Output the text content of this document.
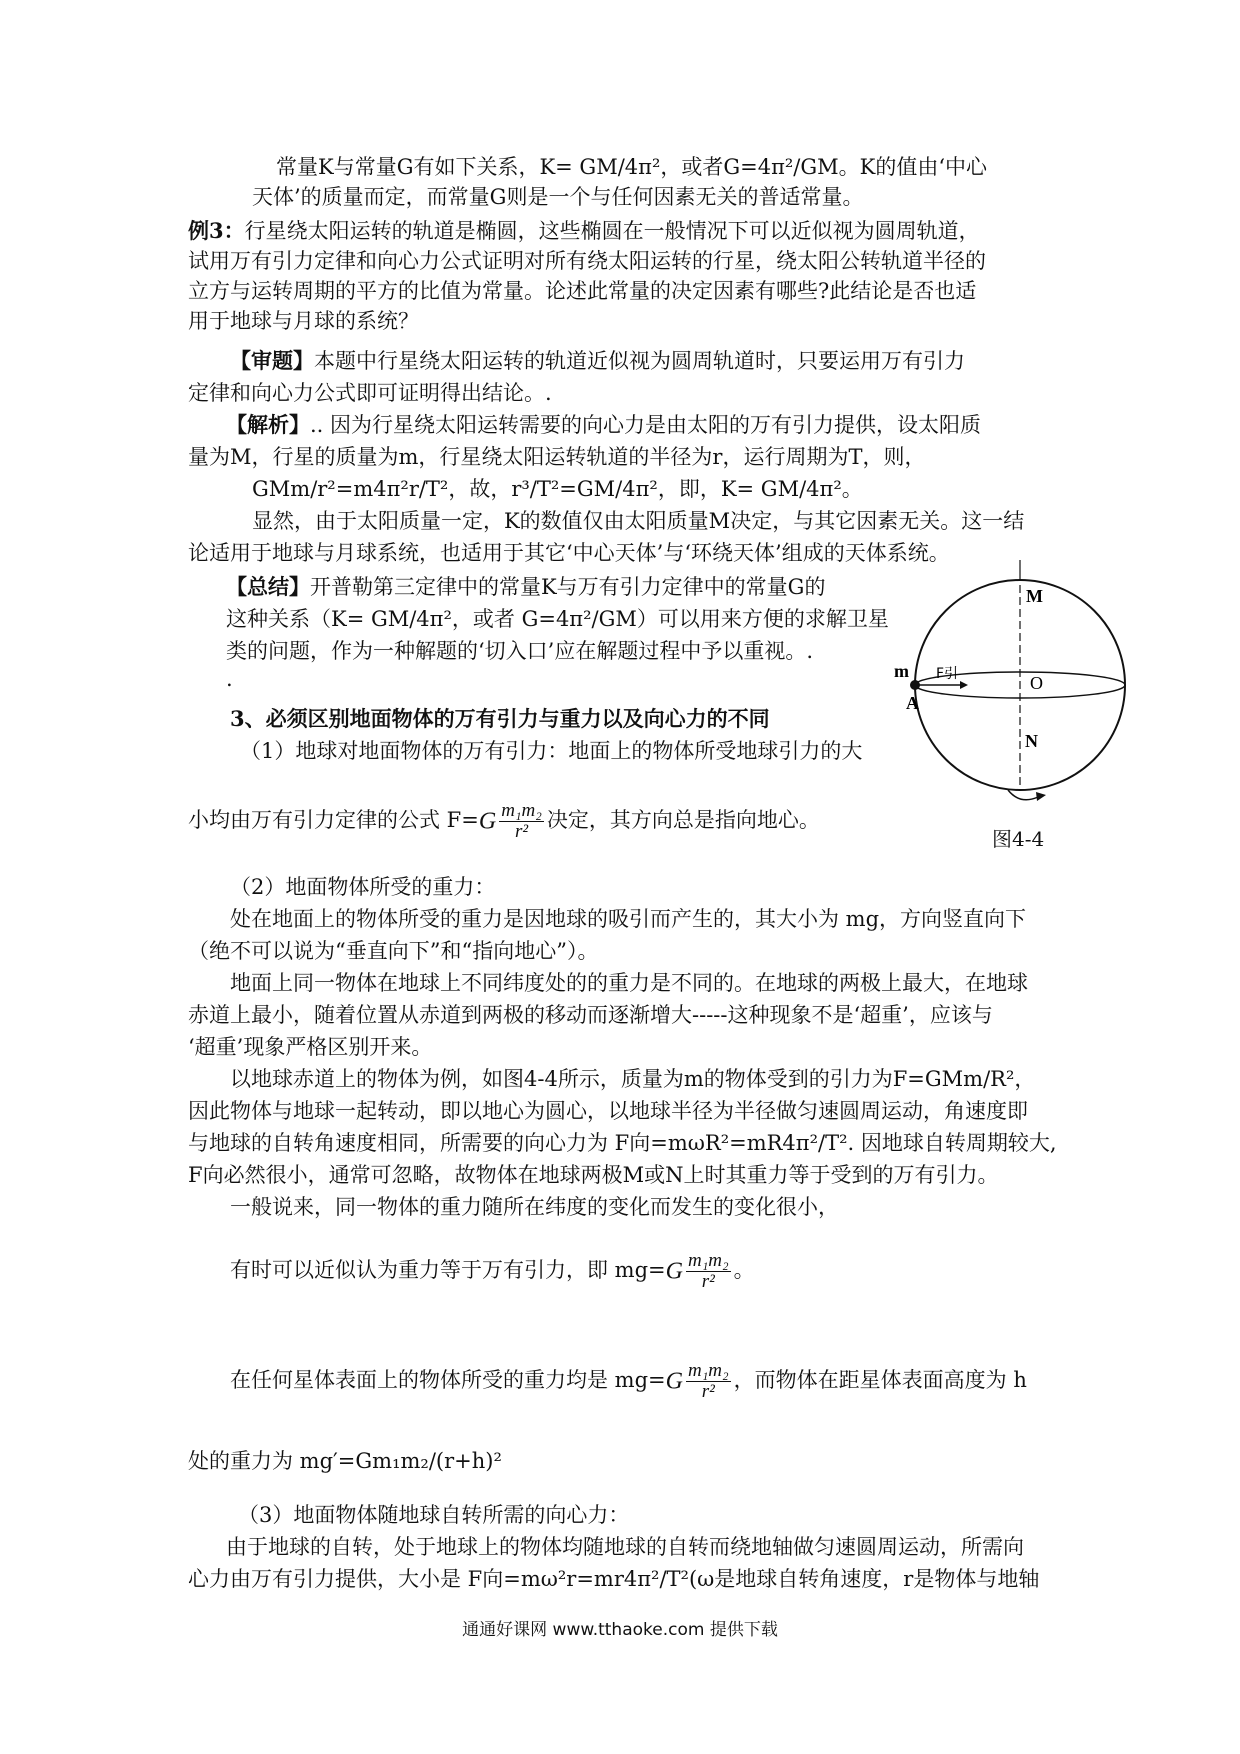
常量K与常量G有如下关系，K= GM/4π²，或者G=4π²/GM。K的值由‘中心
天体’的质量而定，而常量G则是一个与任何因素无关的普适常量。
例3：行星绕太阳运转的轨道是椭圆，这些椭圆在一般情况下可以近似视为圆周轨道，
试用万有引力定律和向心力公式证明对所有绕太阳运转的行星，绕太阳公转轨道半径的
立方与运转周期的平方的比值为常量。论述此常量的决定因素有哪些?此结论是否也适
用于地球与月球的系统？
【审题】本题中行星绕太阳运转的轨道近似视为圆周轨道时，只要运用万有引力
定律和向心力公式即可证明得出结论。.
【解析】.. 因为行星绕太阳运转需要的向心力是由太阳的万有引力提供，设太阳质
量为M，行星的质量为m，行星绕太阳运转轨道的半径为r，运行周期为T，则，
GMm/r²=m4π²r/T²，故，r³/T²=GM/4π²，即，K= GM/4π²。
显然，由于太阳质量一定，K的数值仅由太阳质量M决定，与其它因素无关。这一结
论适用于地球与月球系统，也适用于其它‘中心天体’与‘环绕天体’组成的天体系统。
【总结】开普勒第三定律中的常量K与万有引力定律中的常量G的
这种关系（K= GM/4π²，或者 G=4π²/GM）可以用来方便的求解卫星
类的问题，作为一种解题的‘切入口’应在解题过程中予以重视。.
.
3、必须区别地面物体的万有引力与重力以及向心力的不同
（1）地球对地面物体的万有引力：地面上的物体所受地球引力的大
小均由万有引力定律的公式 $F=G \frac{\text{m₁m₂}}{\text{r²}}$ 决定，其方向总是指向地心。
M
N
O
m
A
F引
图4-4
（2）地面物体所受的重力：
处在地面上的物体所受的重力是因地球的吸引而产生的，其大小为 mg，方向竖直向下
（绝不可以说为“垂直向下”和“指向地心”）。
地面上同一物体在地球上不同纬度处的的重力是不同的。在地球的两极上最大，在地球
赤道上最小，随着位置从赤道到两极的移动而逐渐增大-----这种现象不是‘超重’，应该与
‘超重’现象严格区别开来。
以地球赤道上的物体为例，如图4-4所示，质量为m的物体受到的引力为F=GMm/R²，
因此物体与地球一起转动，即以地心为圆心，以地球半径为半径做匀速圆周运动，角速度即
与地球的自转角速度相同，所需要的向心力为 F向=mωR²=mR4π²/T². 因地球自转周期较大,
F向必然很小，通常可忽略，故物体在地球两极M或N上时其重力等于受到的万有引力。
一般说来，同一物体的重力随所在纬度的变化而发生的变化很小，
有时可以近似认为重力等于万有引力，即 $mg=G \frac{\text{m₁m₂}}{\text{r²}}$ 。
在任何星体表面上的物体所受的重力均是 $mg=G \frac{\text{m₁m₂}}{\text{r²}}$ ，而物体在距星体表面高度为 h
处的重力为 mg′=Gm₁m₂/(r+h)²
（3）地面物体随地球自转所需的向心力：
由于地球的自转，处于地球上的物体均随地球的自转而绕地轴做匀速圆周运动，所需向
心力由万有引力提供，大小是 F向=mω²r=mr4π²/T²(ω是地球自转角速度，r是物体与地轴
通通好课网 www.tthaoke.com 提供下载
